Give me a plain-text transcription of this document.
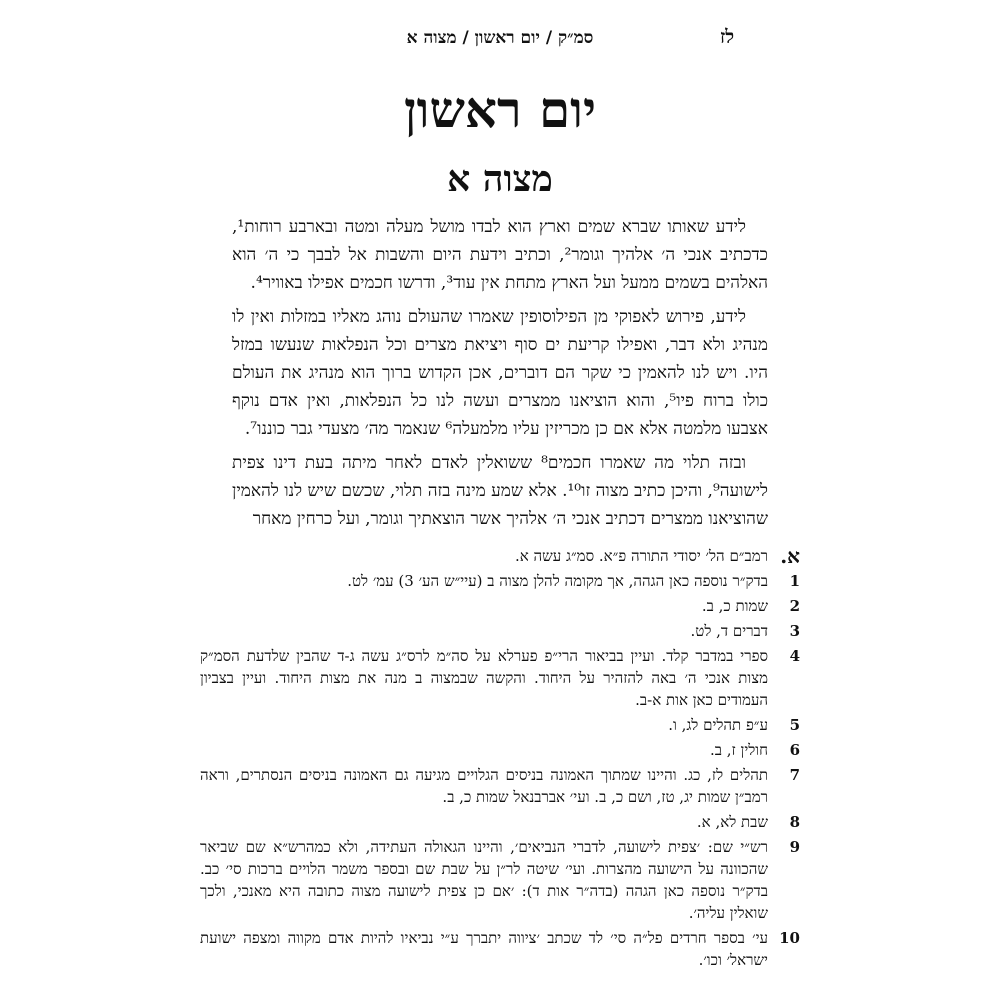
סמ״ק / יום ראשון / מצוה א	לז
יום ראשון
מצוה א

לידע שאותו שברא שמים וארץ הוא לבדו מושל מעלה ומטה ובארבע רוחות¹, כדכתיב אנכי ה׳ אלהיך וגומר², וכתיב וידעת היום והשבות אל לבבך כי ה׳ הוא האלהים בשמים ממעל ועל הארץ מתחת אין עוד³, ודרשו חכמים אפילו באוויר⁴.

לידע, פירוש לאפוקי מן הפילוסופין שאמרו שהעולם נוהג מאליו במזלות ואין לו מנהיג ולא דבר, ואפילו קריעת ים סוף ויציאת מצרים וכל הנפלאות שנעשו במזל היו. ויש לנו להאמין כי שקר הם דוברים, אכן הקדוש ברוך הוא מנהיג את העולם כולו ברוח פיו⁵, והוא הוציאנו ממצרים ועשה לנו כל הנפלאות, ואין אדם נוקף אצבעו מלמטה אלא אם כן מכריזין עליו מלמעלה⁶ שנאמר מה׳ מצעדי גבר כוננו⁷.

ובזה תלוי מה שאמרו חכמים⁸ ששואלין לאדם לאחר מיתה בעת דינו צפית לישועה⁹, והיכן כתיב מצוה זו¹⁰. אלא שמע מינה בזה תלוי, שכשם שיש לנו להאמין שהוציאנו ממצרים דכתיב אנכי ה׳ אלהיך אשר הוצאתיך וגומר, ועל כרחין מאחר

א.
רמב״ם הל׳ יסודי התורה פ״א. סמ״ג עשה א.
1
בדק״ר נוספה כאן הגהה, אך מקומה להלן מצוה ב (עיי״ש הע׳ 3) עמ׳ לט.
2
שמות כ, ב.
3
דברים ד, לט.
4
ספרי במדבר קלד. ועיין בביאור הרי״פ פערלא על סה״מ לרס״ג עשה ג-ד שהבין שלדעת הסמ״ק מצות אנכי ה׳ באה להזהיר על היחוד. והקשה שבמצוה ב מנה את מצות היחוד. ועיין בצביון העמודים כאן אות א-ב.
5
ע״פ תהלים לג, ו.
6
חולין ז, ב.
7
תהלים לז, כג. והיינו שמתוך האמונה בניסים הגלויים מגיעה גם האמונה בניסים הנסתרים, וראה רמב״ן שמות יג, טז, ושם כ, ב. ועי׳ אברבנאל שמות כ, ב.
8
שבת לא, א.
9
רש״י שם: ׳צפית לישועה, לדברי הנביאים׳, והיינו הגאולה העתידה, ולא כמהרש״א שם שביאר שהכוונה על הישועה מהצרות. ועי׳ שיטה לר״ן על שבת שם ובספר משמר הלויים ברכות סי׳ כב. בדק״ר נוספה כאן הגהה (בדה״ר אות ד): ׳אם כן צפית לישועה מצוה כתובה היא מאנכי, ולכך שואלין עליה׳.
10
עי׳ בספר חרדים פל״ה סי׳ לד שכתב ׳ציווה יתברך ע״י נביאיו להיות אדם מקווה ומצפה ישועת ישראל׳ וכו׳.
